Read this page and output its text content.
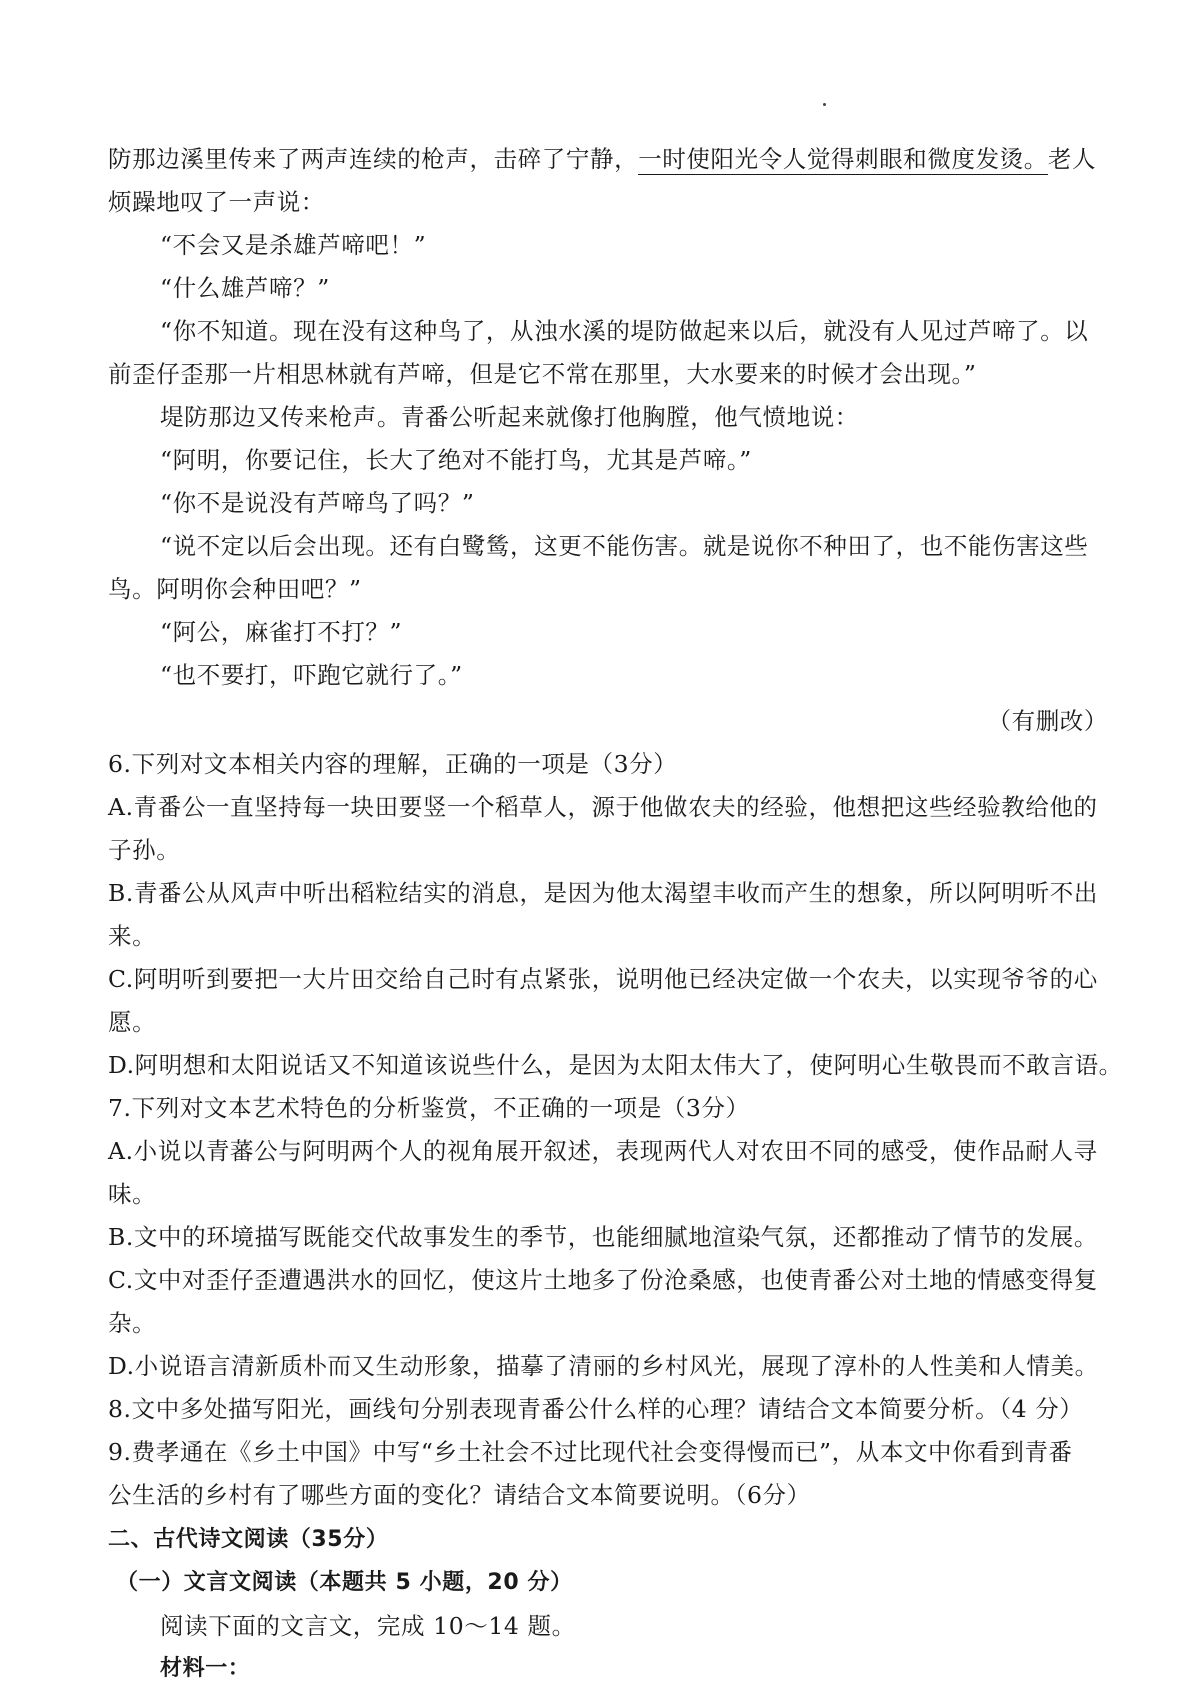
防那边溪里传来了两声连续的枪声，击碎了宁静，一时使阳光令人觉得刺眼和微度发烫。老人
烦躁地叹了一声说：
“不会又是杀雄芦啼吧！”
“什么雄芦啼？”
“你不知道。现在没有这种鸟了，从浊水溪的堤防做起来以后，就没有人见过芦啼了。以
前歪仔歪那一片相思林就有芦啼，但是它不常在那里，大水要来的时候才会出现。”
堤防那边又传来枪声。青番公听起来就像打他胸膛，他气愤地说：
“阿明，你要记住，长大了绝对不能打鸟，尤其是芦啼。”
“你不是说没有芦啼鸟了吗？”
“说不定以后会出现。还有白鹭鸶，这更不能伤害。就是说你不种田了，也不能伤害这些
鸟。阿明你会种田吧？”
“阿公，麻雀打不打？”
“也不要打，吓跑它就行了。”
（有删改）
6.下列对文本相关内容的理解，正确的一项是（3分）
A.青番公一直坚持每一块田要竖一个稻草人，源于他做农夫的经验，他想把这些经验教给他的
子孙。
B.青番公从风声中听出稻粒结实的消息，是因为他太渴望丰收而产生的想象，所以阿明听不出
来。
C.阿明听到要把一大片田交给自己时有点紧张，说明他已经决定做一个农夫，以实现爷爷的心
愿。
D.阿明想和太阳说话又不知道该说些什么，是因为太阳太伟大了，使阿明心生敬畏而不敢言语。
7.下列对文本艺术特色的分析鉴赏，不正确的一项是（3分）
A.小说以青蕃公与阿明两个人的视角展开叙述，表现两代人对农田不同的感受，使作品耐人寻
味。
B.文中的环境描写既能交代故事发生的季节，也能细腻地渲染气氛，还都推动了情节的发展。
C.文中对歪仔歪遭遇洪水的回忆，使这片土地多了份沧桑感，也使青番公对土地的情感变得复
杂。
D.小说语言清新质朴而又生动形象，描摹了清丽的乡村风光，展现了淳朴的人性美和人情美。
8.文中多处描写阳光，画线句分别表现青番公什么样的心理？请结合文本简要分析。（4 分）
9.费孝通在《乡土中国》中写“乡土社会不过比现代社会变得慢而已”，从本文中你看到青番
公生活的乡村有了哪些方面的变化？请结合文本简要说明。（6分）
二、古代诗文阅读（35分）
（一）文言文阅读（本题共 5 小题，20 分）
阅读下面的文言文，完成 10～14 题。
材料一：
